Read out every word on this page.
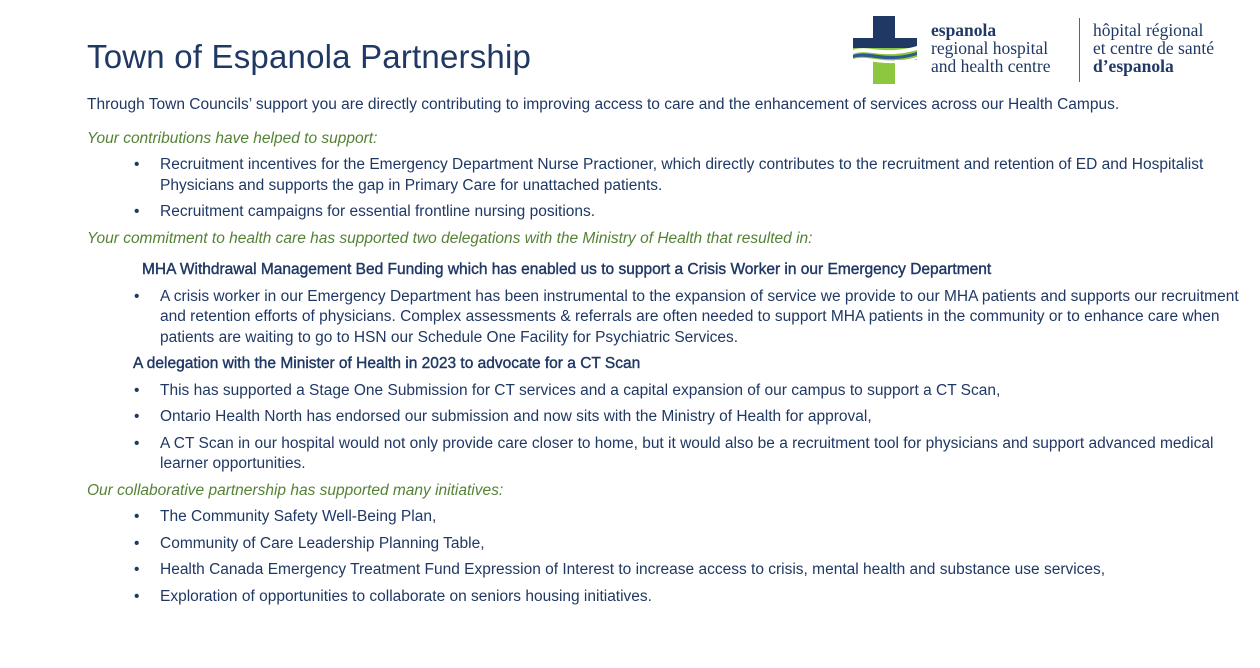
Town of Espanola Partnership
espanola
regional hospital
and health centre
hôpital régional
et centre de santé
d’espanola

Through Town Councils’ support you are directly contributing to improving access to care and the enhancement of services across our Health Campus.

Your contributions have helped to support:

• Recruitment incentives for the Emergency Department Nurse Practioner, which directly contributes to the recruitment and retention of ED and Hospitalist Physicians and supports the gap in Primary Care for unattached patients.
• Recruitment campaigns for essential frontline nursing positions.

Your commitment to health care has supported two delegations with the Ministry of Health that resulted in:

MHA Withdrawal Management Bed Funding which has enabled us to support a Crisis Worker in our Emergency Department

• A crisis worker in our Emergency Department has been instrumental to the expansion of service we provide to our MHA patients and supports our recruitment and retention efforts of physicians. Complex assessments & referrals are often needed to support MHA patients in the community or to enhance care when patients are waiting to go to HSN our Schedule One Facility for Psychiatric Services.

A delegation with the Minister of Health in 2023 to advocate for a CT Scan

• This has supported a Stage One Submission for CT services and a capital expansion of our campus to support a CT Scan,
• Ontario Health North has endorsed our submission and now sits with the Ministry of Health for approval,
• A CT Scan in our hospital would not only provide care closer to home, but it would also be a recruitment tool for physicians and support advanced medical learner opportunities.

Our collaborative partnership has supported many initiatives:

• The Community Safety Well-Being Plan,
• Community of Care Leadership Planning Table,
• Health Canada Emergency Treatment Fund Expression of Interest to increase access to crisis, mental health and substance use services,
• Exploration of opportunities to collaborate on seniors housing initiatives.
